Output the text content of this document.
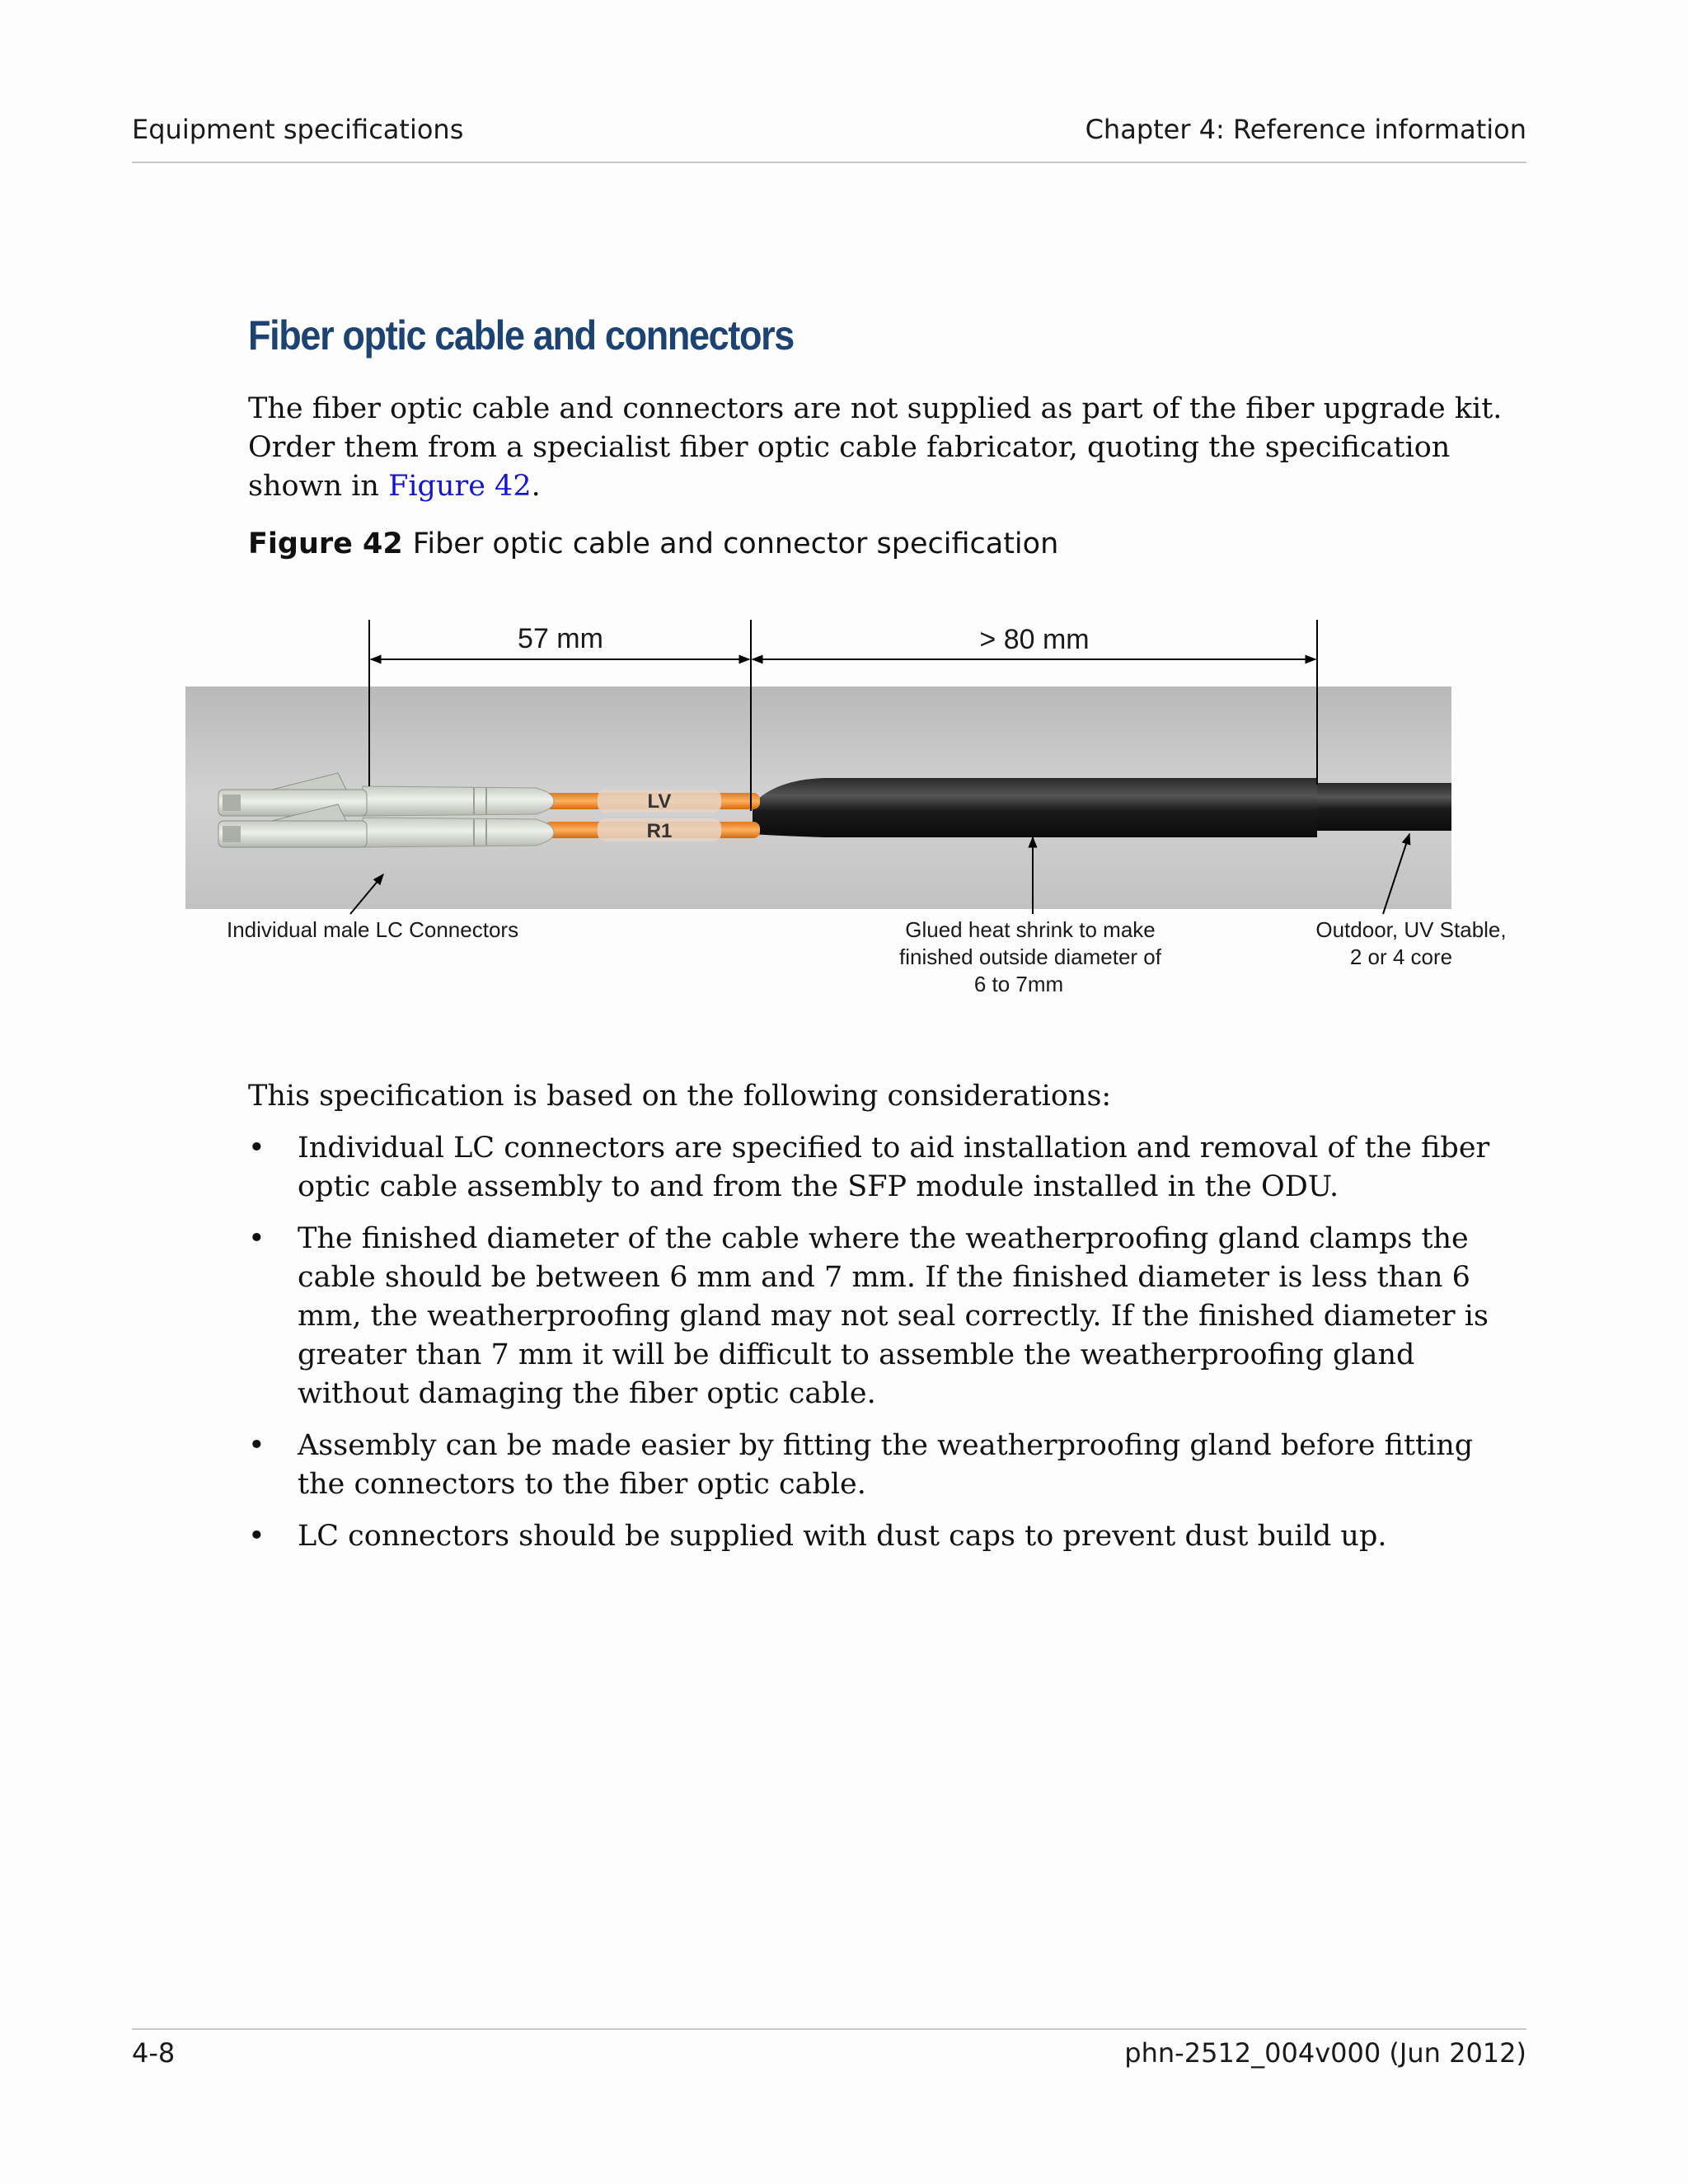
Equipment specifications	Chapter 4: Reference information
Fiber optic cable and connectors
The fiber optic cable and connectors are not supplied as part of the fiber upgrade kit. Order them from a specialist fiber optic cable fabricator, quoting the specification shown in Figure 42.
Figure 42 Fiber optic cable and connector specification
LV
R1
57 mm	> 80 mm
Individual male LC Connectors	Glued heat shrink to make
finished outside diameter of
6 to 7mm
Outdoor, UV Stable,
2 or 4 core
This specification is based on the following considerations:
• Individual LC connectors are specified to aid installation and removal of the fiber optic cable assembly to and from the SFP module installed in the ODU.
• The finished diameter of the cable where the weatherproofing gland clamps the cable should be between 6 mm and 7 mm. If the finished diameter is less than 6 mm, the weatherproofing gland may not seal correctly. If the finished diameter is greater than 7 mm it will be difficult to assemble the weatherproofing gland without damaging the fiber optic cable.
• Assembly can be made easier by fitting the weatherproofing gland before fitting the connectors to the fiber optic cable.
• LC connectors should be supplied with dust caps to prevent dust build up.
4-8	phn-2512_004v000 (Jun 2012)
